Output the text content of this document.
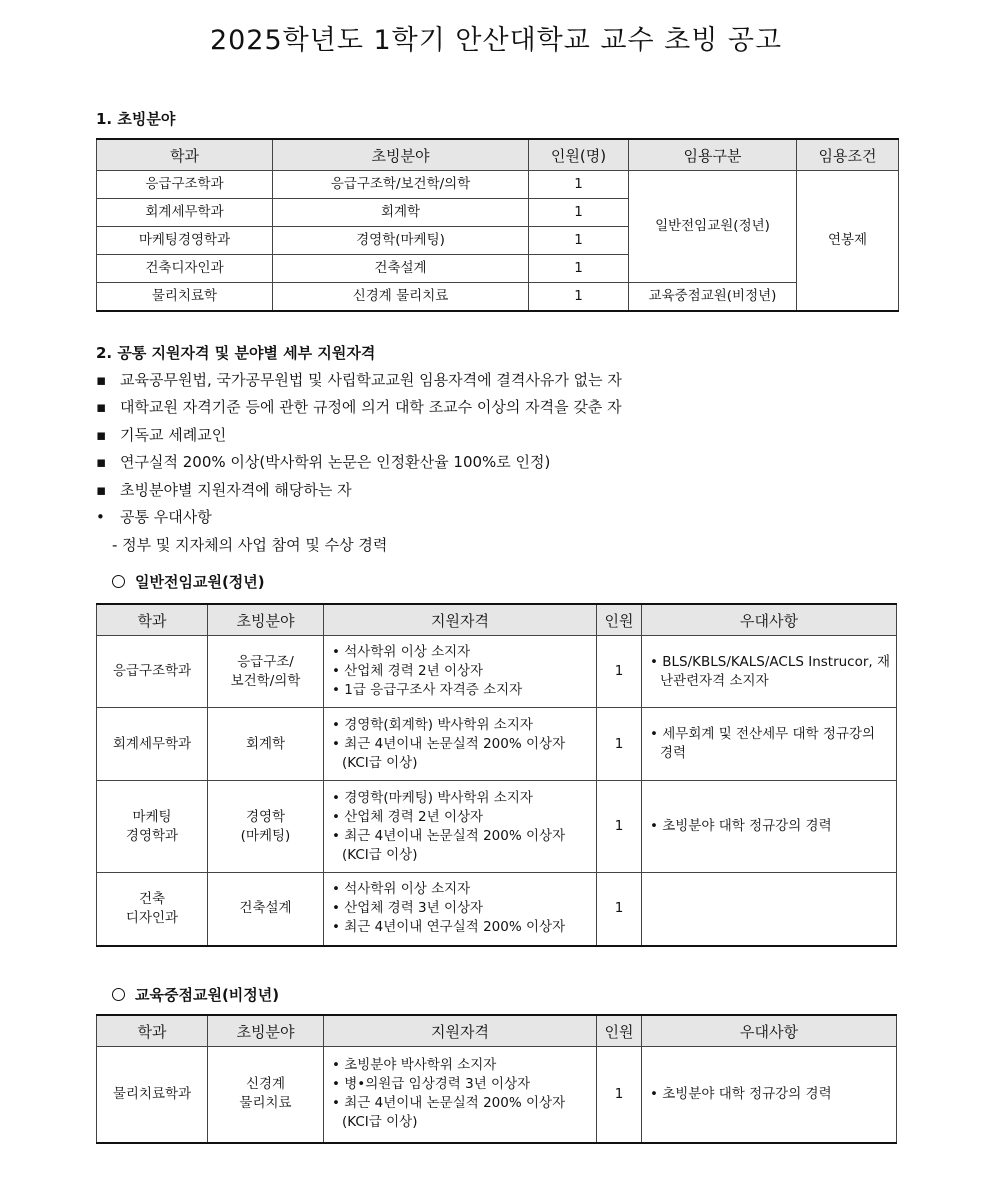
2025학년도 1학기 안산대학교 교수 초빙 공고
1. 초빙분야
학과	초빙분야	인원(명)	임용구분	임용조건
응급구조학과	응급구조학/보건학/의학	1	일반전임교원(정년)	연봉제
회계세무학과	회계학	1		
마케팅경영학과	경영학(마케팅)	1		
건축디자인과	건축설계	1		
물리치료학	신경계 물리치료	1	교육중점교원(비정년)	
2. 공통 지원자격 및 분야별 세부 지원자격
▪ 교육공무원법, 국가공무원법 및 사립학교교원 임용자격에 결격사유가 없는 자
▪ 대학교원 자격기준 등에 관한 규정에 의거 대학 조교수 이상의 자격을 갖춘 자
▪ 기독교 세례교인
▪ 연구실적 200% 이상(박사학위 논문은 인정환산율 100%로 인정)
▪ 초빙분야별 지원자격에 해당하는 자
• 공통 우대사항
- 정부 및 지자체의 사업 참여 및 수상 경력
일반전임교원(정년)
학과	초빙분야	지원자격	인원	우대사항

응급구조학과	응급구조/
보건학/의학	• 석사학위 이상 소지자
• 산업체 경력 2년 이상자
• 1급 응급구조사 자격증 소지자	1	• BLS/KBLS/KALS/ACLS Instrucor, 재난관련자격 소지자

회계세무학과	회계학	• 경영학(회계학) 박사학위 소지자
• 최근 4년이내 논문실적 200% 이상자 (KCI급 이상)	1	• 세무회계 및 전산세무 대학 정규강의 경력

마케팅
경영학과	경영학
(마케팅)	• 경영학(마케팅) 박사학위 소지자
• 산업체 경력 2년 이상자
• 최근 4년이내 논문실적 200% 이상자 (KCI급 이상)	1	• 초빙분야 대학 정규강의 경력

건축
디자인과	건축설계	• 석사학위 이상 소지자
• 산업체 경력 3년 이상자
• 최근 4년이내 연구실적 200% 이상자	1	
교육중점교원(비정년)
학과	초빙분야	지원자격	인원	우대사항

물리치료학과	신경계
물리치료	• 초빙분야 박사학위 소지자
• 병•의원급 임상경력 3년 이상자
• 최근 4년이내 논문실적 200% 이상자 (KCI급 이상)	1	• 초빙분야 대학 정규강의 경력
